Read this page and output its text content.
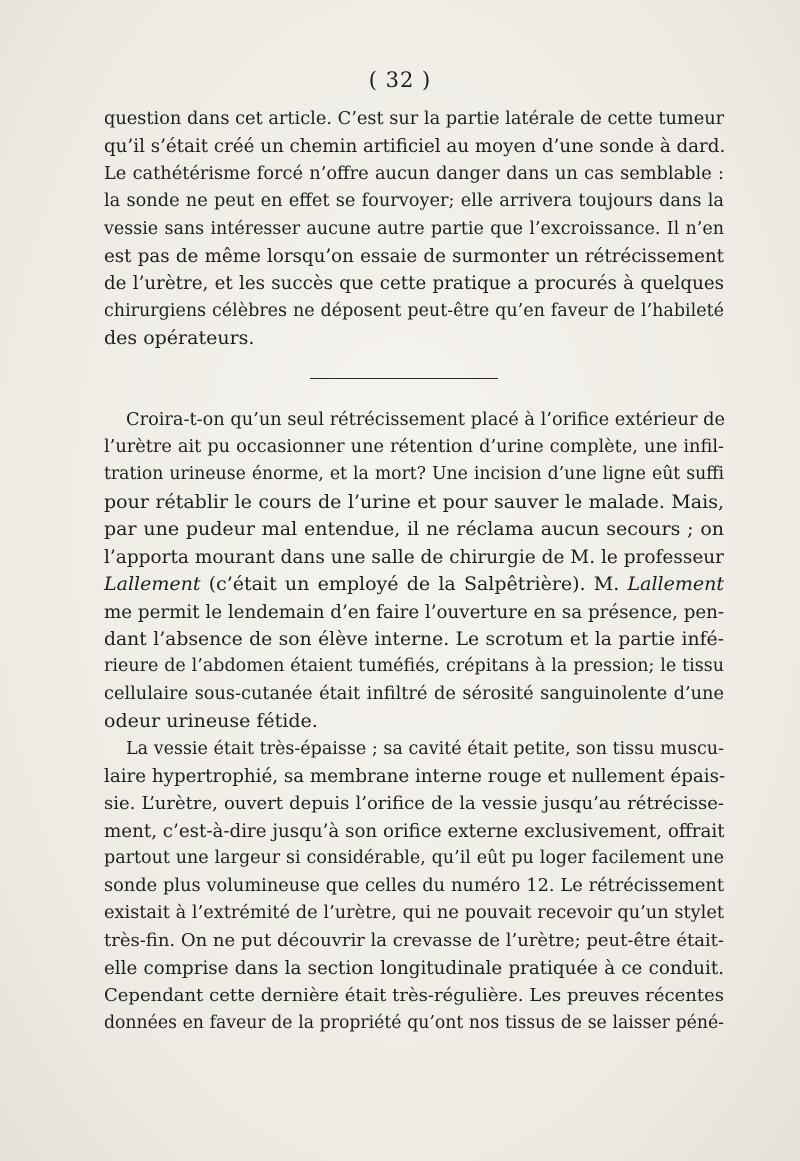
( 32 )

question dans cet article. C’est sur la partie latérale de cette tumeur
qu’il s’était créé un chemin artificiel au moyen d’une sonde à dard.
Le cathétérisme forcé n’offre aucun danger dans un cas semblable :
la sonde ne peut en effet se fourvoyer; elle arrivera toujours dans la
vessie sans intéresser aucune autre partie que l’excroissance. Il n’en
est pas de même lorsqu’on essaie de surmonter un rétrécissement
de l’urètre, et les succès que cette pratique a procurés à quelques
chirurgiens célèbres ne déposent peut-être qu’en faveur de l’habileté
des opérateurs.

Croira-t-on qu’un seul rétrécissement placé à l’orifice extérieur de
l’urètre ait pu occasionner une rétention d’urine complète, une infil-
tration urineuse énorme, et la mort? Une incision d’une ligne eût suffi
pour rétablir le cours de l’urine et pour sauver le malade. Mais,
par une pudeur mal entendue, il ne réclama aucun secours ; on
l’apporta mourant dans une salle de chirurgie de M. le professeur
Lallement (c’était un employé de la Salpêtrière). M. Lallement
me permit le lendemain d’en faire l’ouverture en sa présence, pen-
dant l’absence de son élève interne. Le scrotum et la partie infé-
rieure de l’abdomen étaient tuméfiés, crépitans à la pression; le tissu
cellulaire sous-cutanée était infiltré de sérosité sanguinolente d’une
odeur urineuse fétide.

La vessie était très-épaisse ; sa cavité était petite, son tissu muscu-
laire hypertrophié, sa membrane interne rouge et nullement épais-
sie. L’urètre, ouvert depuis l’orifice de la vessie jusqu’au rétrécisse-
ment, c’est-à-dire jusqu’à son orifice externe exclusivement, offrait
partout une largeur si considérable, qu’il eût pu loger facilement une
sonde plus volumineuse que celles du numéro 12. Le rétrécissement
existait à l’extrémité de l’urètre, qui ne pouvait recevoir qu’un stylet
très-fin. On ne put découvrir la crevasse de l’urètre; peut-être était-
elle comprise dans la section longitudinale pratiquée à ce conduit.
Cependant cette dernière était très-régulière. Les preuves récentes
données en faveur de la propriété qu’ont nos tissus de se laisser péné-
